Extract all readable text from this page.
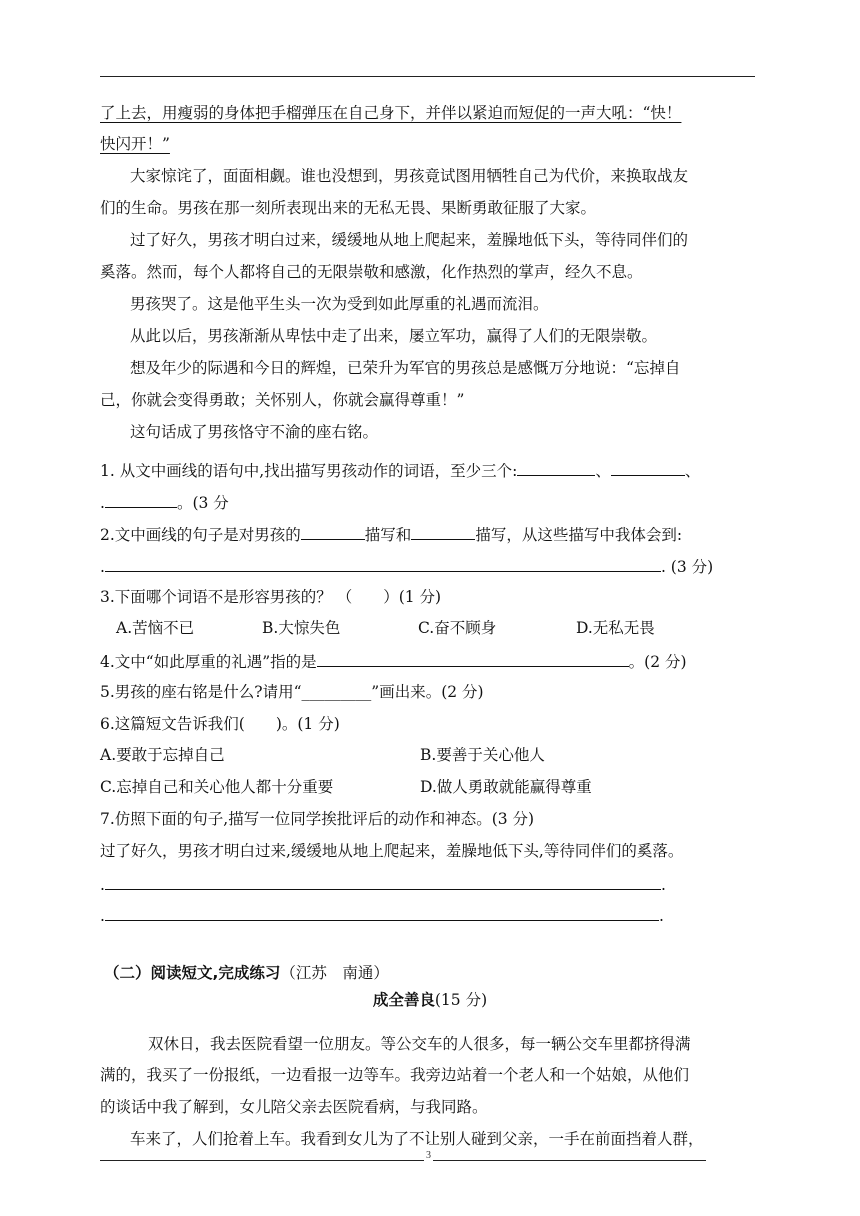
了上去，用瘦弱的身体把手榴弹压在自己身下，并伴以紧迫而短促的一声大吼：“快！
快闪开！”
大家惊诧了，面面相觑。谁也没想到，男孩竟试图用牺牲自己为代价，来换取战友
们的生命。男孩在那一刻所表现出来的无私无畏、果断勇敢征服了大家。
过了好久，男孩才明白过来，缓缓地从地上爬起来，羞臊地低下头，等待同伴们的
奚落。然而，每个人都将自己的无限崇敬和感激，化作热烈的掌声，经久不息。
男孩哭了。这是他平生头一次为受到如此厚重的礼遇而流泪。
从此以后，男孩渐渐从卑怯中走了出来，屡立军功，赢得了人们的无限崇敬。
想及年少的际遇和今日的辉煌，已荣升为军官的男孩总是感慨万分地说：“忘掉自
己，你就会变得勇敢；关怀别人，你就会赢得尊重！”
这句话成了男孩恪守不渝的座右铭。
1. 从文中画线的语句中,找出描写男孩动作的词语，至少三个:	、	、
.	。(3 分
2.文中画线的句子是对男孩的	描写和	描写，从这些描写中我体会到:
.	. (3 分)
3.下面哪个词语不是形容男孩的？ （　　）(1 分)
A.苦恼不已	B.大惊失色	C.奋不顾身	D.无私无畏
4.文中“如此厚重的礼遇”指的是	。(2 分)
5.男孩的座右铭是什么?请用“_________”画出来。(2 分)
6.这篇短文告诉我们(　　)。(1 分)
A.要敢于忘掉自己	B.要善于关心他人
C.忘掉自己和关心他人都十分重要	D.做人勇敢就能赢得尊重
7.仿照下面的句子,描写一位同学挨批评后的动作和神态。(3 分)
过了好久，男孩才明白过来,缓缓地从地上爬起来，羞臊地低下头,等待同伴们的奚落。
.	.
.	.
（二）阅读短文,完成练习（江苏　南通）
成全善良(15 分)
双休日，我去医院看望一位朋友。等公交车的人很多，每一辆公交车里都挤得满
满的，我买了一份报纸，一边看报一边等车。我旁边站着一个老人和一个姑娘，从他们
的谈话中我了解到，女儿陪父亲去医院看病，与我同路。
车来了，人们抢着上车。我看到女儿为了不让别人碰到父亲，一手在前面挡着人群，
3
